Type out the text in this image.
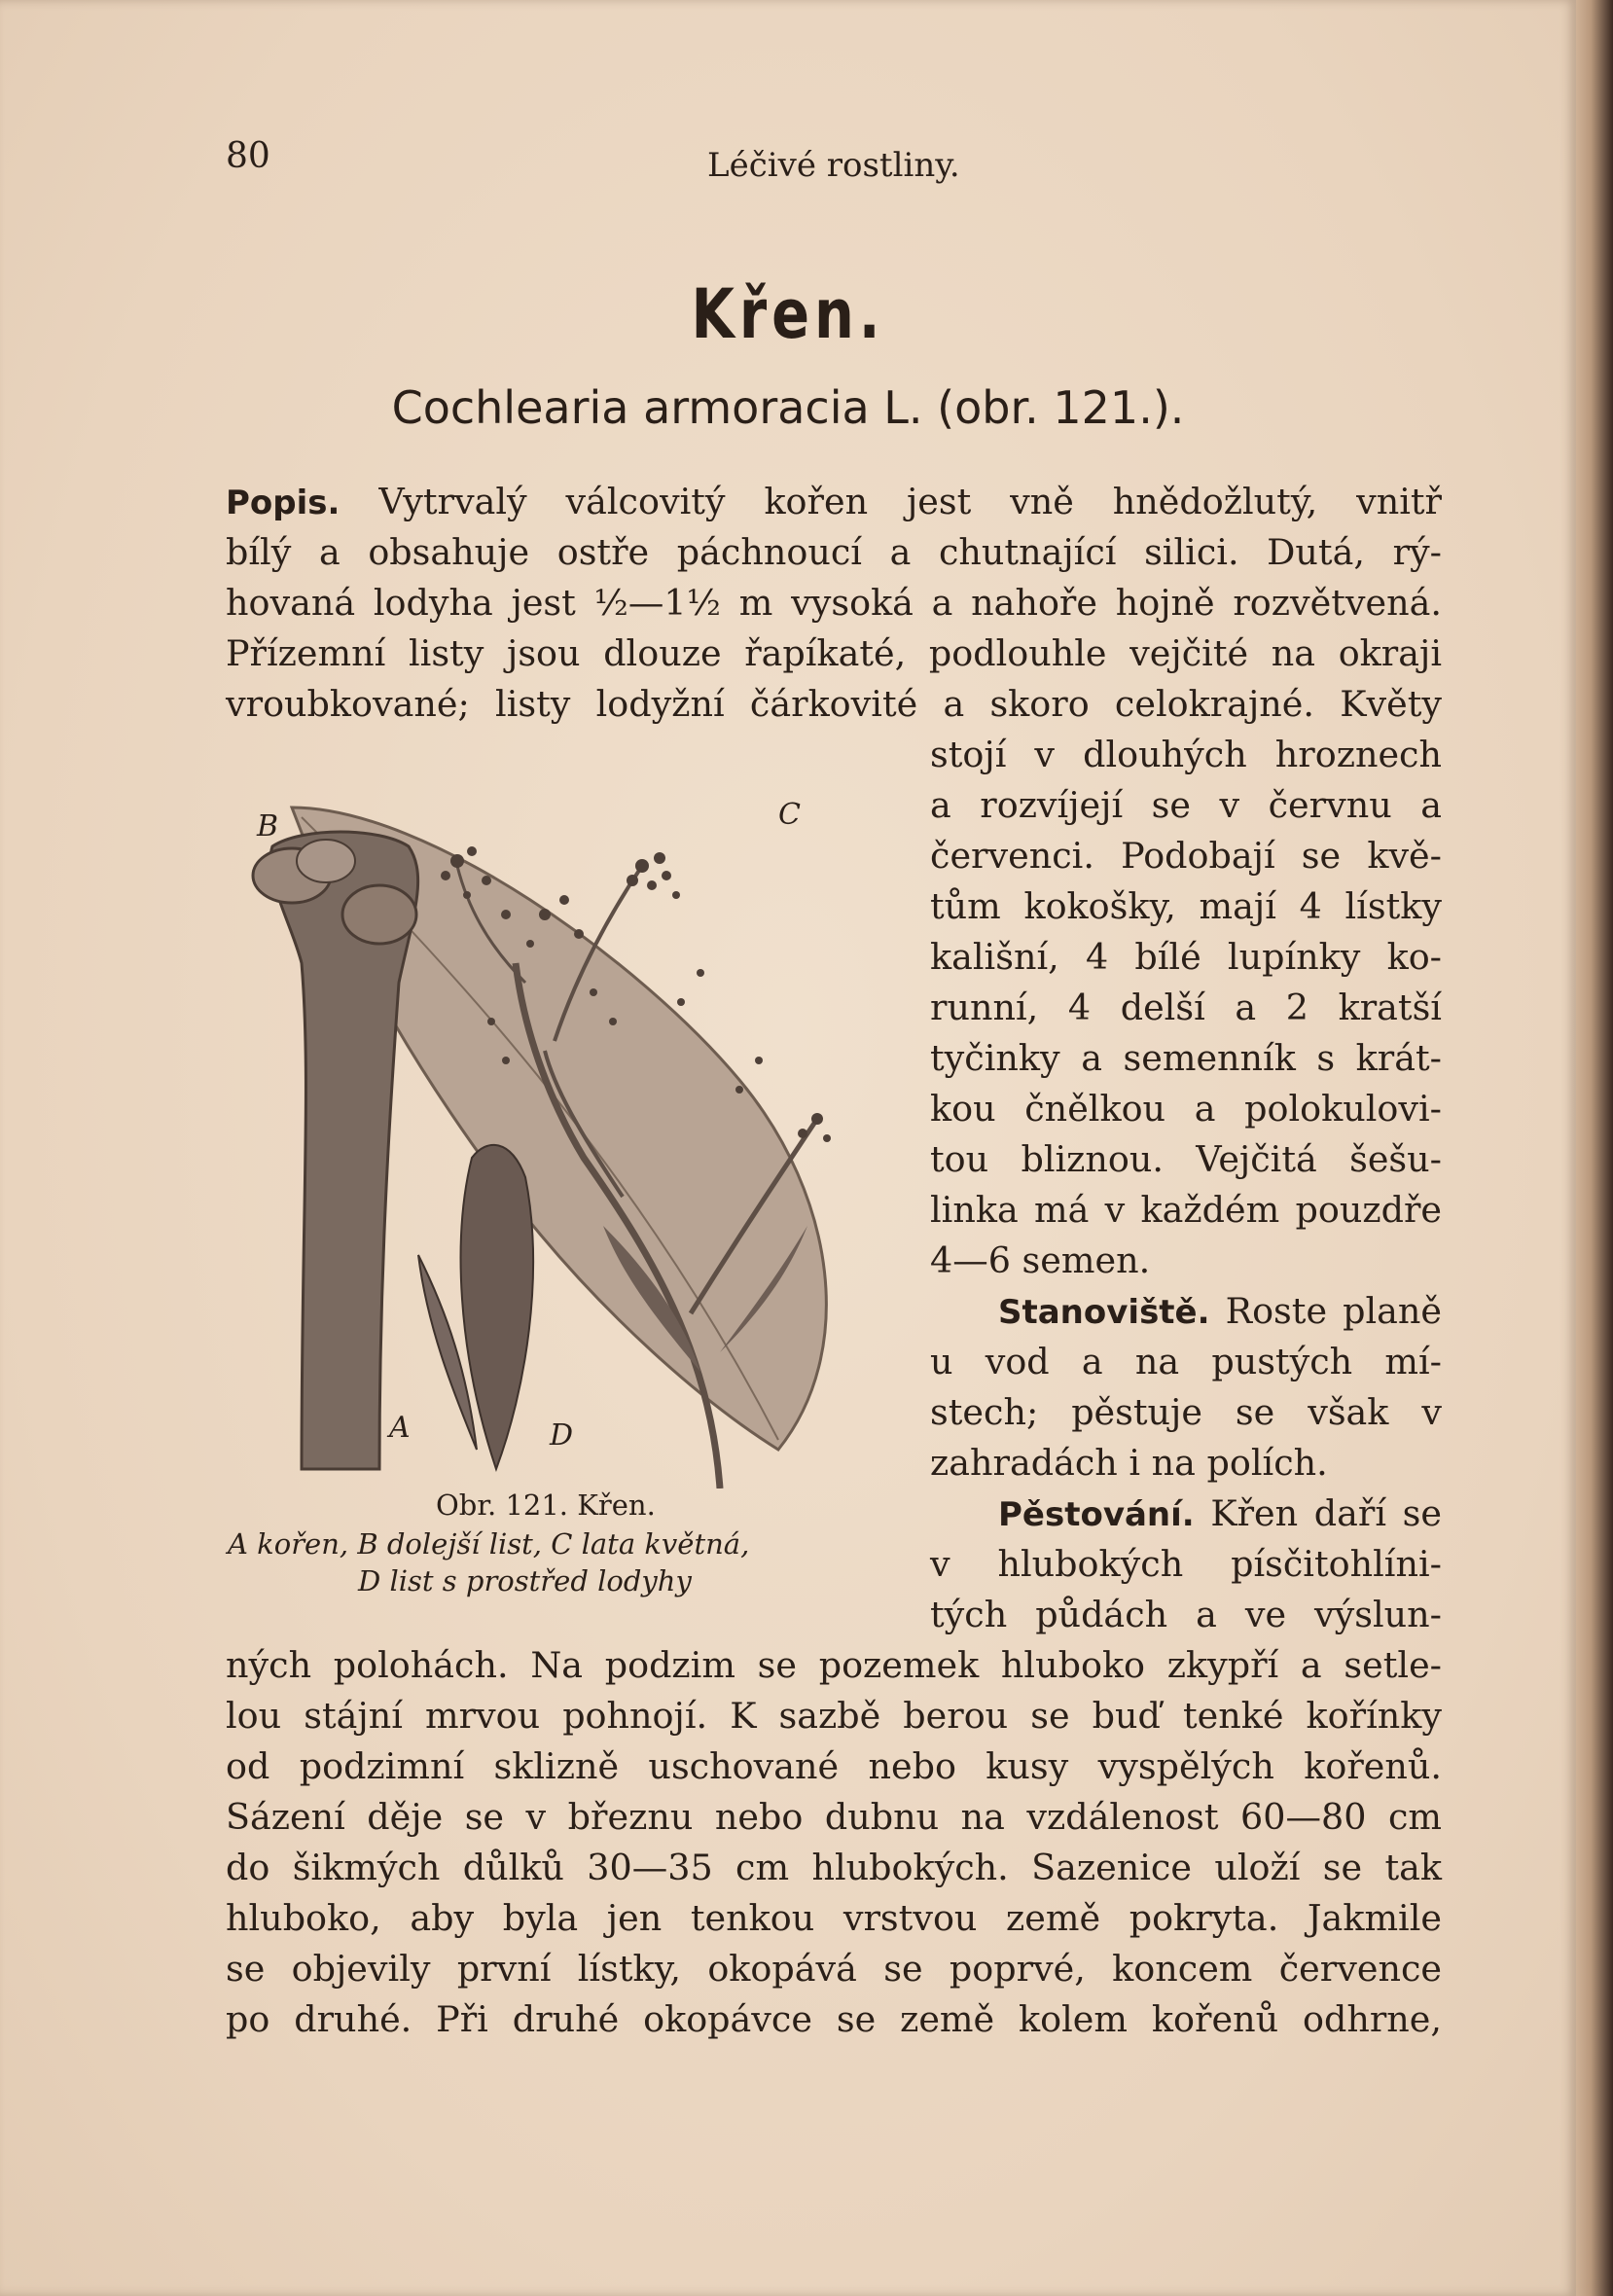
80	Léčivé rostliny.
Křen.
Cochlearia armoracia L. (obr. 121.).
Popis. Vytrvalý válcovitý kořen jest vně hnědožlutý, vnitř
bílý a obsahuje ostře páchnoucí a chutnající silici. Dutá, rý-
hovaná lodyha jest ½—1½ m vysoká a nahoře hojně rozvětvená.
Přízemní listy jsou dlouze řapíkaté, podlouhle vejčité na okraji
vroubkované; listy lodyžní čárkovité a skoro celokrajné. Květy
stojí v dlouhých hroznech
a rozvíjejí se v červnu a
červenci. Podobají se kvě-
tům kokošky, mají 4 lístky
kališní, 4 bílé lupínky ko-
runní, 4 delší a 2 kratší
tyčinky a semenník s krát-
kou čnělkou a polokulovi-
tou bliznou. Vejčitá šešu-
linka má v každém pouzdře
4—6 semen.
Stanoviště. Roste planě
u vod a na pustých mí-
stech; pěstuje se však v
zahradách i na polích.
Pěstování. Křen daří se
v hlubokých písčitohlíni-
tých půdách a ve výslun-
ných polohách. Na podzim se pozemek hluboko zkypří a setle-
lou stájní mrvou pohnojí. K sazbě berou se buď tenké kořínky
od podzimní sklizně uschované nebo kusy vyspělých kořenů.
Sázení děje se v březnu nebo dubnu na vzdálenost 60—80 cm
do šikmých důlků 30—35 cm hlubokých. Sazenice uloží se tak
hluboko, aby byla jen tenkou vrstvou země pokryta. Jakmile
se objevily první lístky, okopává se poprvé, koncem července
po druhé. Při druhé okopávce se země kolem kořenů odhrne,
B	C
A	D
Obr. 121. Křen.
A kořen, B dolejší list, C lata květná,
D list s prostřed lodyhy
